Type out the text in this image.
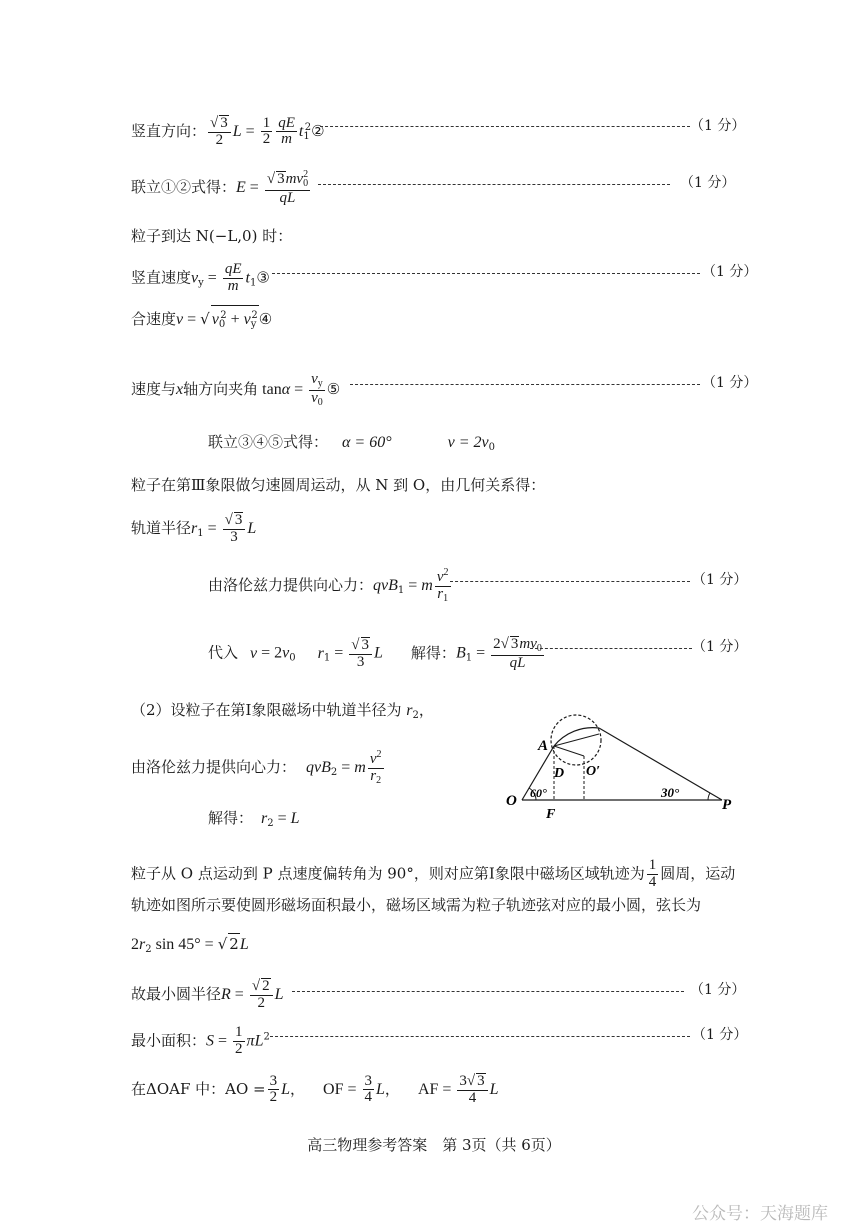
竖直方向： $\frac{√ 3}{2}$ $L = \frac{1}{2} \frac{qE}{m}$ $t_1^2②$	（1 分）
联立①②式得：$E = \frac{√ 3mv_0^2}{qL}$	（1 分）
粒子到达 N(−L,0) 时：
竖直速度$v_y = \frac{qE}{m}$ $t_1③$	（1 分）
合速度v = √ $v_0^2$ + $v_y^2④$
速度与x轴方向夹角 $\tan\alpha = \frac{v_y}{v_0}$ ⑤	（1 分）
联立③④⑤式得： α = 60°	$v = 2v_0$
粒子在第Ⅲ象限做匀速圆周运动，从 N 到 O，由几何关系得：
轨道半径$r_1 = \frac{√ 3}{3}$ L
由洛伦兹力提供向心力：qvB$_1$ = m $\frac{v^2}{r_1}$	（1 分）
代入 $v = 2v_0$ $r_1 = \frac{√ 3}{3}$ L 解得：$B_1 = \frac{2√ 3mv_0}{qL}$	（1 分）
（2）设粒子在第Ⅰ象限磁场中轨道半径为 $r_2$，
由洛伦兹力提供向心力： qvB$_2$ = m $\frac{v^2}{r_2}$
解得： $r_2 = L$
A
D O′
O
F
P
60°	30°
粒子从 O 点运动到 P 点速度偏转角为 90°，则对应第Ⅰ象限中磁场区域轨迹为 $\frac{1}{4}$ 圆周，运动
轨迹如图所示要使圆形磁场面积最小，磁场区域需为粒子轨迹弦对应的最小圆，弦长为
$2r_2$ sin 45° = √ 2L
故最小圆半径$R = \frac{√ 2}{2}$ L	（1 分）
最小面积：$S = \frac{1}{2} \pi L^2$	（1 分）
在ΔOAF 中：AO = $\frac{3}{2}$ L， OF = $\frac{3}{4}$ L， AF = $\frac{3√ 3}{4}$ L
高三物理参考答案　第 3页（共 6页）
公众号：天海题库
